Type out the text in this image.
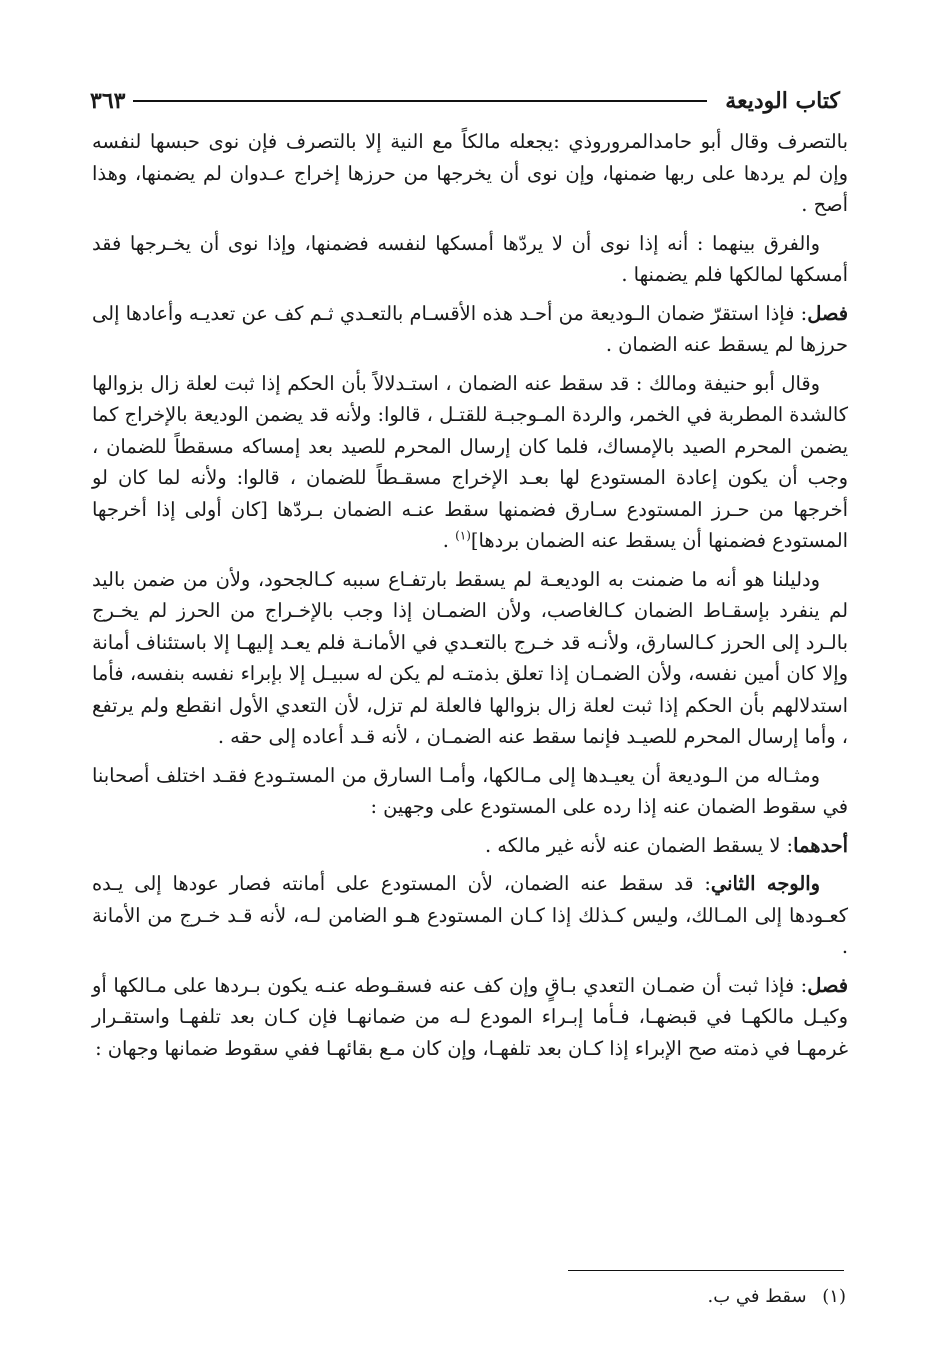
كتاب الوديعة
٣٦٣

بالتصرف وقال أبو حامدالمروروذي :يجعله مالكاً مع النية إلا بالتصرف فإن نوى حبسها لنفسه وإن لم يردها على ربها ضمنها، وإن نوى أن يخرجها من حرزها إخراج عـدوان لم يضمنها، وهذا أصح .

والفرق بينهما : أنه إذا نوى أن لا يردّها أمسكها لنفسه فضمنها، وإذا نوى أن يخـرجها فقد أمسكها لمالكها فلم يضمنها .

فصل: فإذا استقرّ ضمان الـوديعة من أحـد هذه الأقسـام بالتعـدي ثـم كف عن تعديـه وأعادها إلى حرزها لم يسقط عنه الضمان .

وقال أبو حنيفة ومالك : قد سقط عنه الضمان ، استـدلالاً بأن الحكم إذا ثبت لعلة زال بزوالها كالشدة المطربة في الخمر، والردة المـوجبـة للقتـل ، قالوا: ولأنه قد يضمن الوديعة بالإخراج كما يضمن المحرم الصيد بالإمساك، فلما كان إرسال المحرم للصيد بعد إمساكه مسقطاً للضمان ، وجب أن يكون إعادة المستودع لها بعـد الإخراج مسقـطاً للضمان ، قالوا: ولأنه لما كان لو أخرجها من حـرز المستودع سـارق فضمنها سقط عنـه الضمان بـردّها [كان أولى إذا أخرجها المستودع فضمنها أن يسقط عنه الضمان بردها]$^{(١)}$ .

ودليلنا هو أنه ما ضمنت به الوديعـة لم يسقط بارتفـاع سببه كـالجحود، ولأن من ضمن باليد لم ينفرد بإسقـاط الضمان كـالغاصب، ولأن الضمـان إذا وجب بالإخـراج من الحرز لم يخـرج بالـرد إلى الحرز كـالسارق، ولأنـه قد خـرج بالتعـدي في الأمانـة فلم يعـد إليهـا إلا باستئناف أمانة وإلا كان أمين نفسه، ولأن الضمـان إذا تعلق بذمتـه لم يكن له سبيـل إلا بإبراء نفسه بنفسه، فأما استدلالهم بأن الحكم إذا ثبت لعلة زال بزوالها فالعلة لم تزل، لأن التعدي الأول انقطع ولم يرتفع ، وأما إرسال المحرم للصيـد فإنما سقط عنه الضمـان ، لأنه قـد أعاده إلى حقه .

ومثـاله من الـوديعة أن يعيـدها إلى مـالكها، وأمـا السارق من المستـودع فقـد اختلف أصحابنا في سقوط الضمان عنه إذا رده على المستودع على وجهين :

أحدهما: لا يسقط الضمان عنه لأنه غير مالكه .

والوجه الثاني: قد سقط عنه الضمان، لأن المستودع على أمانته فصار عودها إلى يـده كعـودها إلى المـالك، وليس كـذلك إذا كـان المستودع هـو الضامن لـه، لأنه قـد خـرج من الأمانة .

فصل: فإذا ثبت أن ضمـان التعدي بـاقٍ وإن كف عنه فسقـوطه عنـه يكون بـردها على مـالكها أو وكيـل مالكهـا في قبضهـا، فـأما إبـراء المودع لـه من ضمانهـا فإن كـان بعد تلفهـا واستقـرار غرمهـا في ذمته صح الإبراء إذا كـان بعد تلفهـا، وإن كان مـع بقائهـا ففي سقوط ضمانها وجهان :

(١) سقط في ب.
